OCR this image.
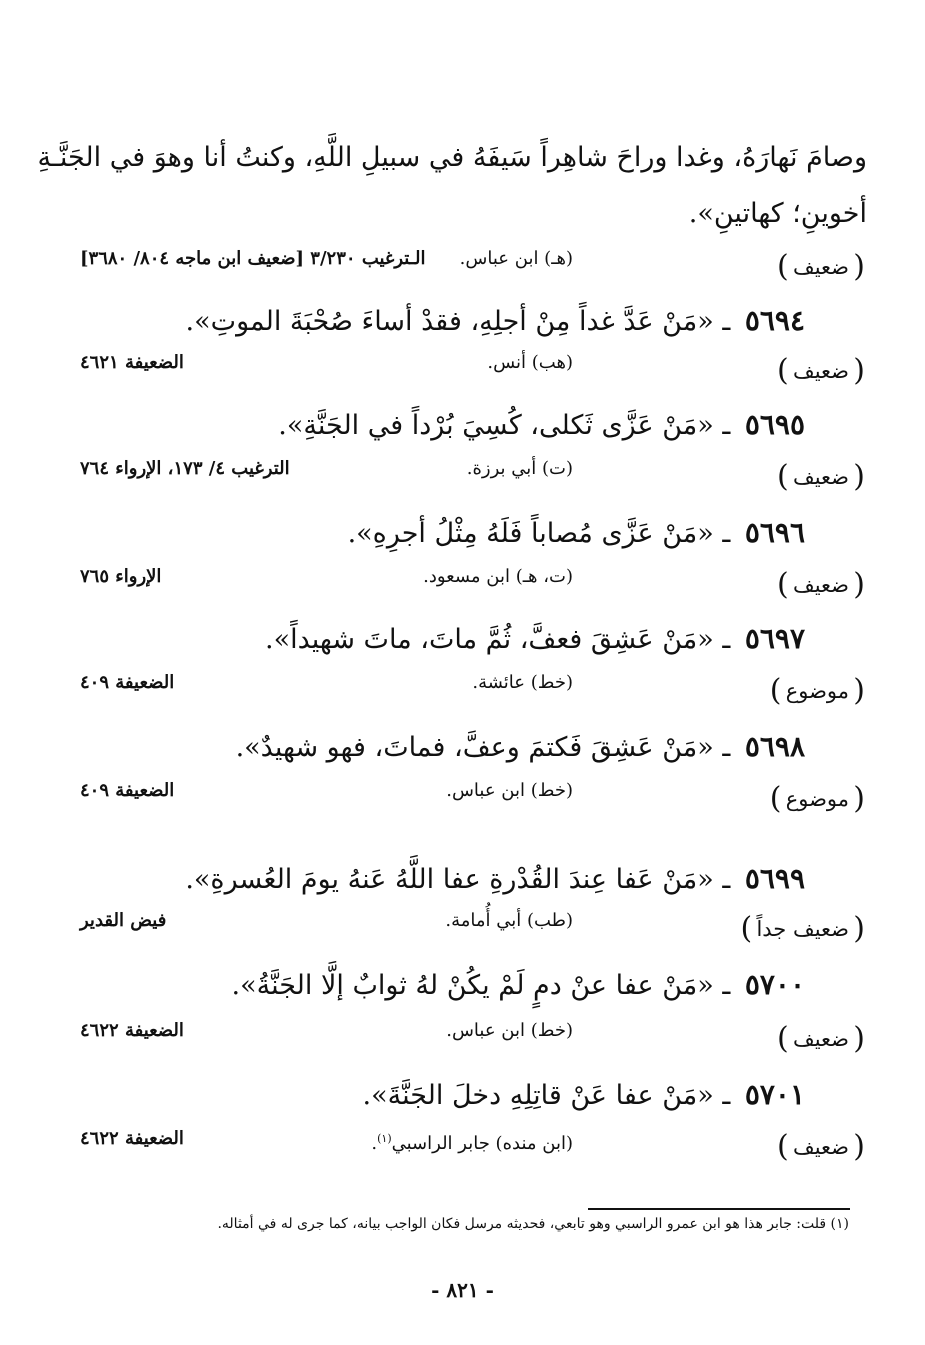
وصامَ نَهارَهُ، وغدا وراحَ شاهِراً سَيفَهُ في سبيلِ اللَّهِ، وكنتُ أنا وهوَ في الجَنَّـةِ
أخوينِ؛ كهاتينِ».
( ضعيف )
(هـ) ابن عباس.
الـترغيب ٣/٢٣٠ [ضعيف ابن ماجه ٨٠٤/ ٣٦٨٠]
٥٦٩٤ ـ «مَنْ عَدَّ غداً مِنْ أجلِهِ، فقدْ أساءَ صُحْبَةَ الموتِ».
( ضعيف )
(هب) أنس.
الضعيفة ٤٦٢١
٥٦٩٥ ـ «مَنْ عَزَّى ثَكلى، كُسِيَ بُرْداً في الجَنَّةِ».
( ضعيف )
(ت) أبي برزة.
الترغيب ٤/ ١٧٣، الإرواء ٧٦٤
٥٦٩٦ ـ «مَنْ عَزَّى مُصاباً فَلَهُ مِثْلُ أجرِهِ».
( ضعيف )
(ت، هـ) ابن مسعود.
الإرواء ٧٦٥
٥٦٩٧ ـ «مَنْ عَشِقَ فعفَّ، ثُمَّ ماتَ، ماتَ شهيداً».
( موضوع )
(خط) عائشة.
الضعيفة ٤٠٩
٥٦٩٨ ـ «مَنْ عَشِقَ فَكتمَ وعفَّ، فماتَ، فهو شهيدٌ».
( موضوع )
(خط) ابن عباس.
الضعيفة ٤٠٩
٥٦٩٩ ـ «مَنْ عَفا عِندَ القُدْرةِ عفا اللَّهُ عَنهُ يومَ العُسرةِ».
( ضعيف جداً )
(طب) أبي أُمامة.
فيض القدير
٥٧٠٠ ـ «مَنْ عفا عنْ دمٍ لَمْ يكُنْ لهُ ثوابٌ إلَّا الجَنَّةُ».
( ضعيف )
(خط) ابن عباس.
الضعيفة ٤٦٢٢
٥٧٠١ ـ «مَنْ عفا عَنْ قاتِلِهِ دخلَ الجَنَّةَ».
( ضعيف )
(ابن منده) جابر الراسبي$^{(١)}$.
الضعيفة ٤٦٢٢
(١) قلت: جابر هذا هو ابن عمرو الراسبي وهو تابعي، فحديثه مرسل فكان الواجب بيانه، كما جرى له في أمثاله.
- ٨٢١ -
